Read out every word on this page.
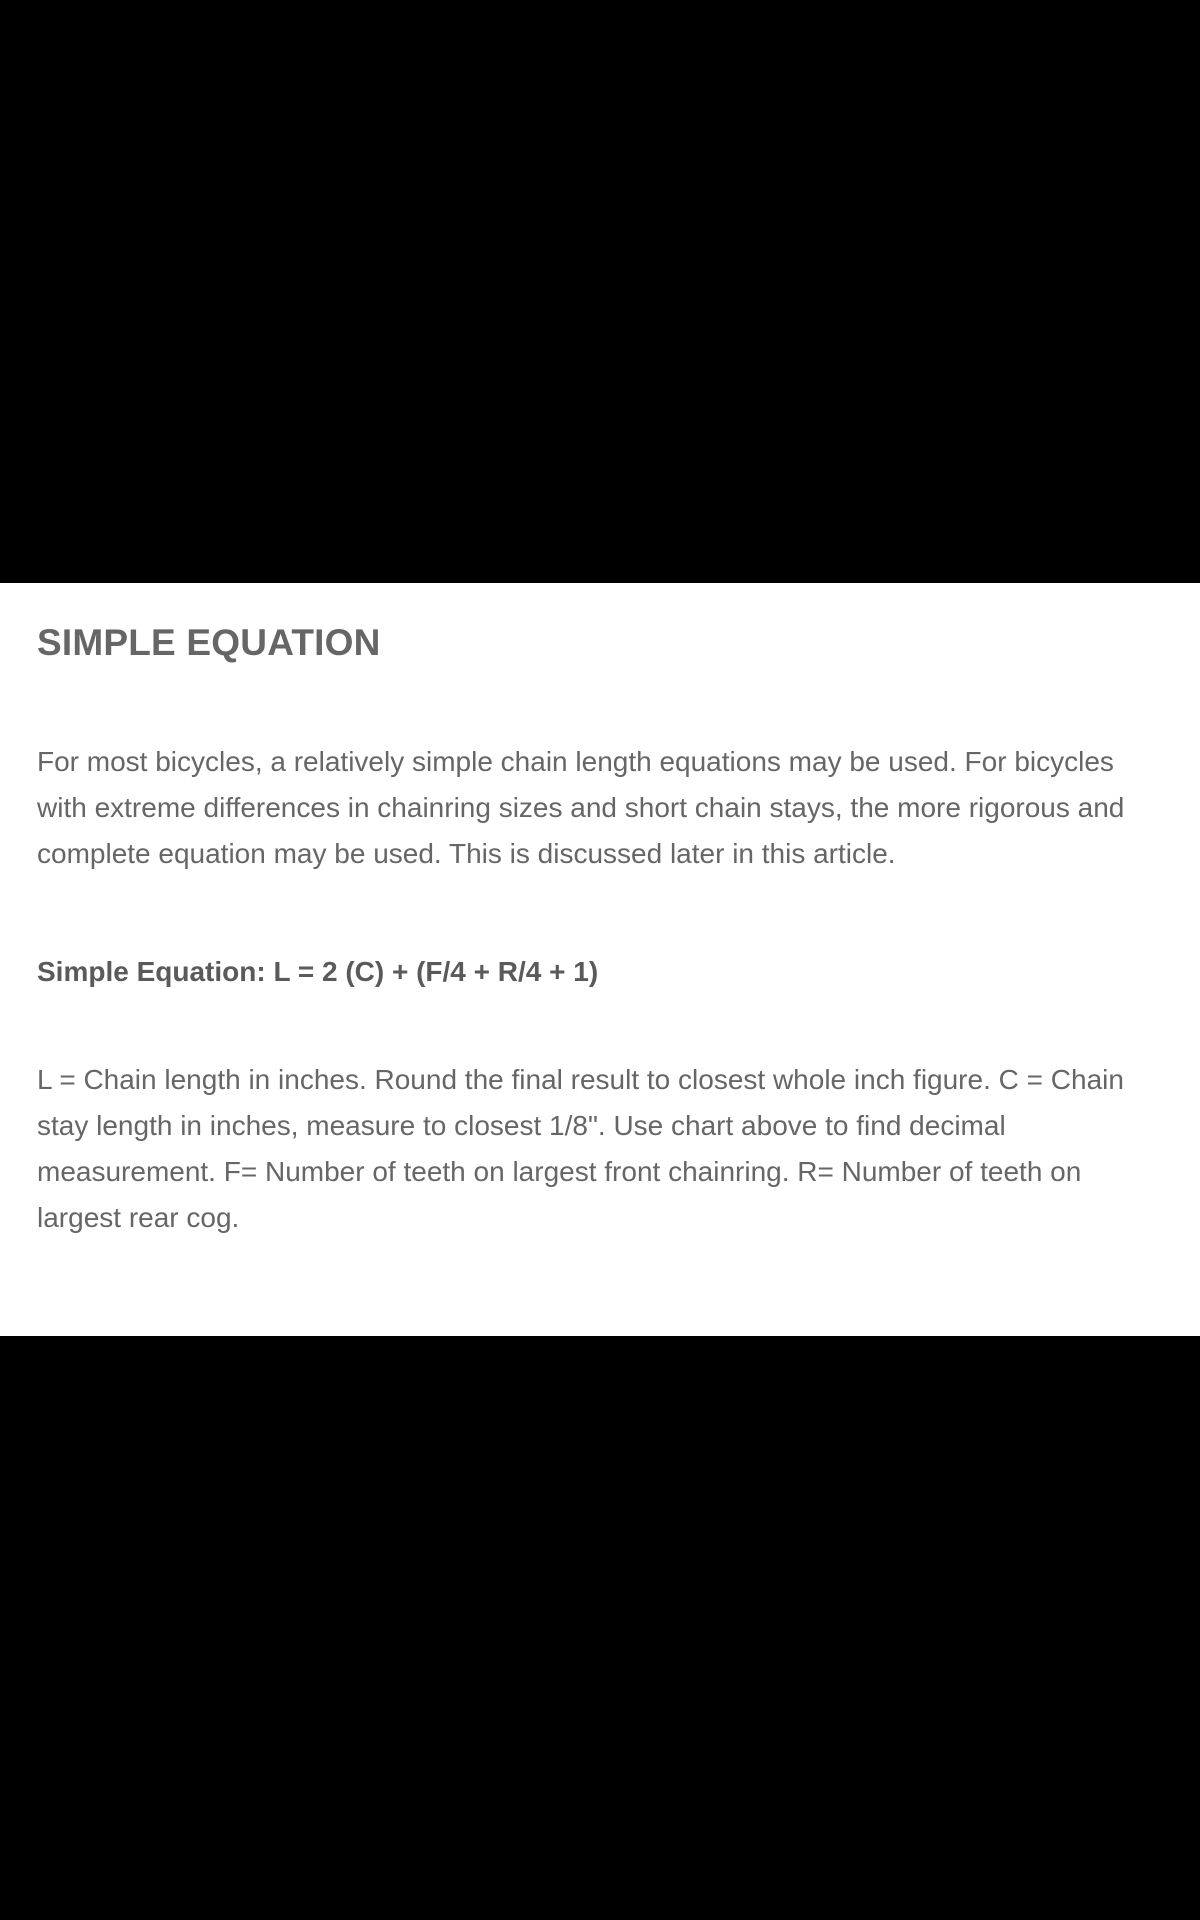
SIMPLE EQUATION

For most bicycles, a relatively simple chain length equations may be used. For bicycles with extreme differences in chainring sizes and short chain stays, the more rigorous and complete equation may be used. This is discussed later in this article.

Simple Equation: L = 2 (C) + (F/4 + R/4 + 1)

L = Chain length in inches. Round the final result to closest whole inch figure. C = Chain stay length in inches, measure to closest 1/8". Use chart above to find decimal measurement. F= Number of teeth on largest front chainring. R= Number of teeth on largest rear cog.
